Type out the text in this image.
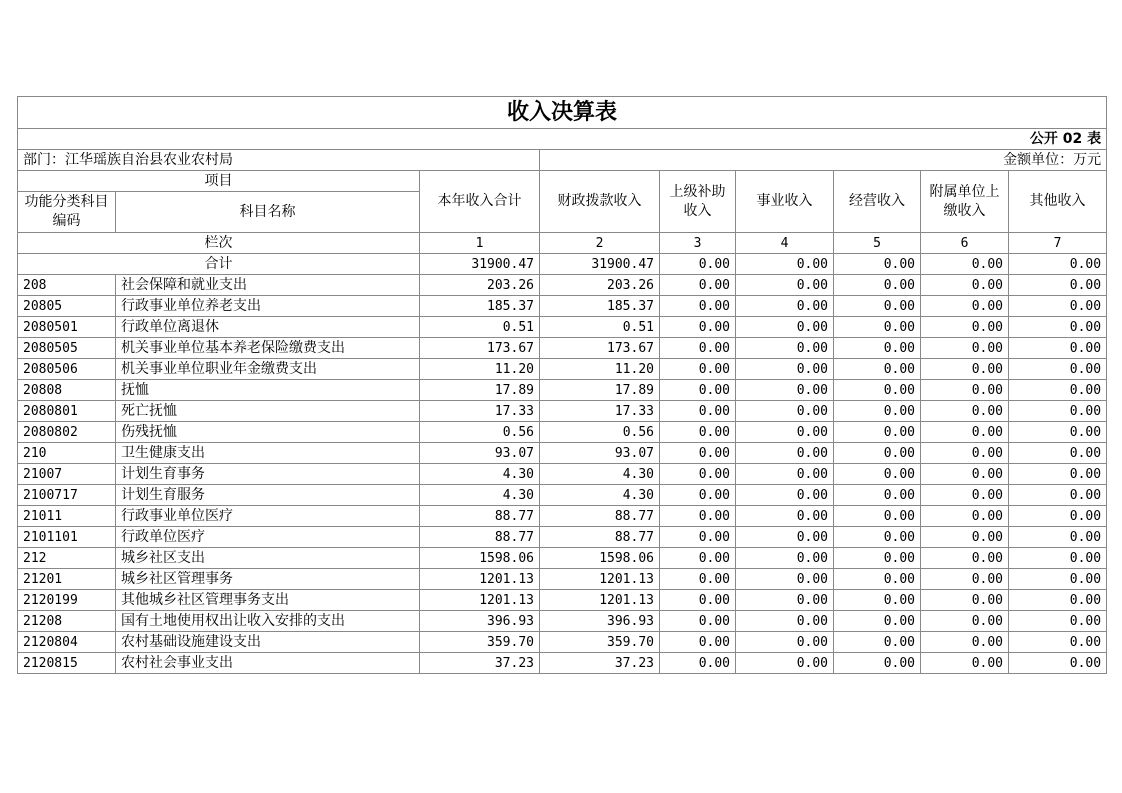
收入决算表								
		公开 02 表						
部门：江华瑶族自治县农业农村局			金额单位：万元					
项目		本年收入合计	财政拨款收入	上级补助收入	事业收入	经营收入	附属单位上缴收入	其他收入
功能分类科目编码	科目名称							
栏次		1	2	3	4	5	6	7
合计		31900.47	31900.47	0.00	0.00	0.00	0.00	0.00
208	社会保障和就业支出	203.26	203.26	0.00	0.00	0.00	0.00	0.00
20805	行政事业单位养老支出	185.37	185.37	0.00	0.00	0.00	0.00	0.00
2080501	行政单位离退休	0.51	0.51	0.00	0.00	0.00	0.00	0.00
2080505	机关事业单位基本养老保险缴费支出	173.67	173.67	0.00	0.00	0.00	0.00	0.00
2080506	机关事业单位职业年金缴费支出	11.20	11.20	0.00	0.00	0.00	0.00	0.00
20808	抚恤	17.89	17.89	0.00	0.00	0.00	0.00	0.00
2080801	死亡抚恤	17.33	17.33	0.00	0.00	0.00	0.00	0.00
2080802	伤残抚恤	0.56	0.56	0.00	0.00	0.00	0.00	0.00
210	卫生健康支出	93.07	93.07	0.00	0.00	0.00	0.00	0.00
21007	计划生育事务	4.30	4.30	0.00	0.00	0.00	0.00	0.00
2100717	计划生育服务	4.30	4.30	0.00	0.00	0.00	0.00	0.00
21011	行政事业单位医疗	88.77	88.77	0.00	0.00	0.00	0.00	0.00
2101101	行政单位医疗	88.77	88.77	0.00	0.00	0.00	0.00	0.00
212	城乡社区支出	1598.06	1598.06	0.00	0.00	0.00	0.00	0.00
21201	城乡社区管理事务	1201.13	1201.13	0.00	0.00	0.00	0.00	0.00
2120199	其他城乡社区管理事务支出	1201.13	1201.13	0.00	0.00	0.00	0.00	0.00
21208	国有土地使用权出让收入安排的支出	396.93	396.93	0.00	0.00	0.00	0.00	0.00
2120804	农村基础设施建设支出	359.70	359.70	0.00	0.00	0.00	0.00	0.00
2120815	农村社会事业支出	37.23	37.23	0.00	0.00	0.00	0.00	0.00
